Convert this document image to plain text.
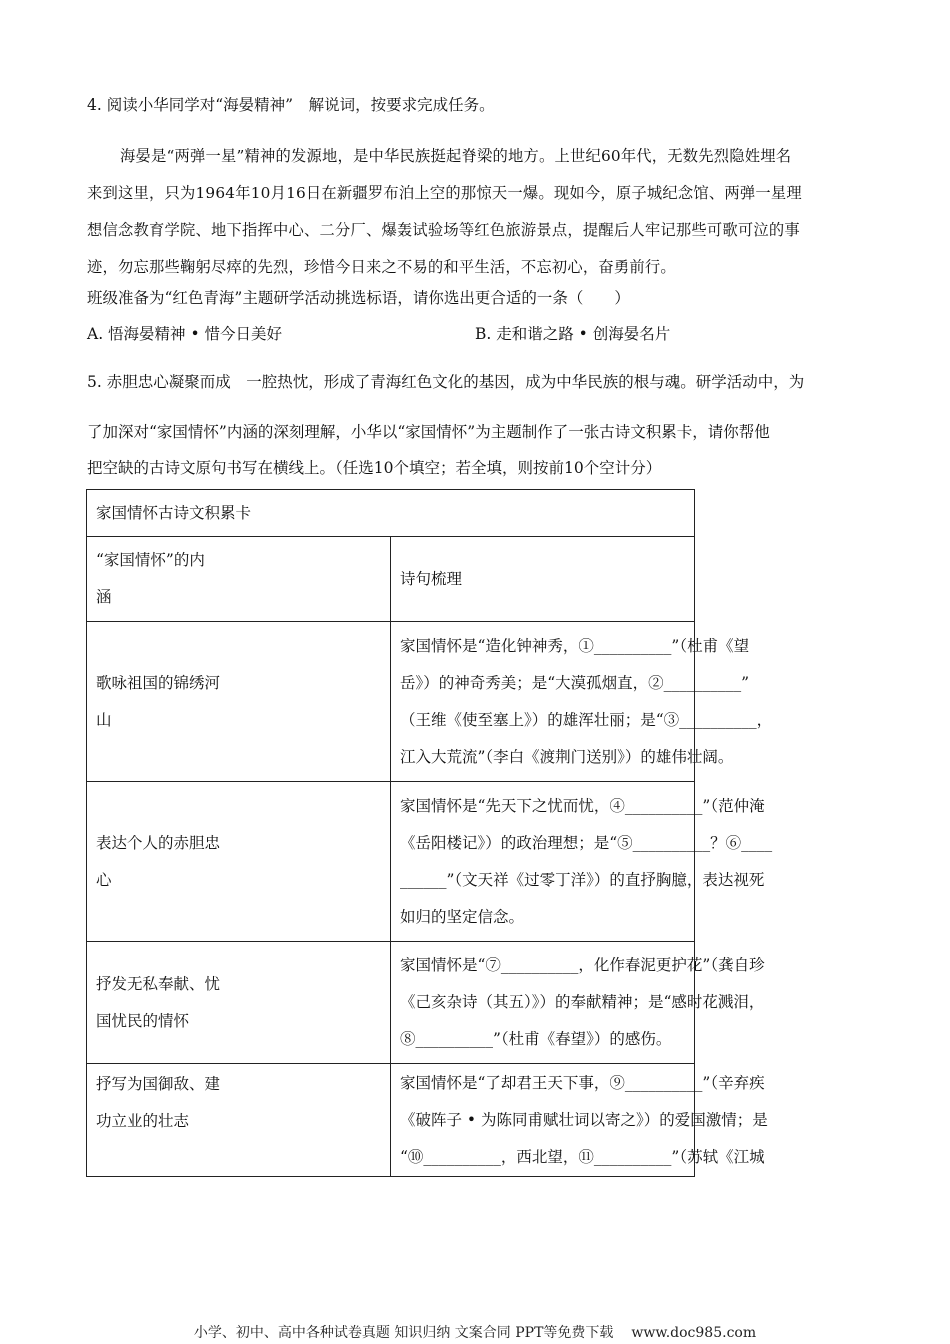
4. 阅读小华同学对“海晏精神”　解说词，按要求完成任务。

海晏是“两弹一星”精神的发源地，是中华民族挺起脊梁的地方。上世纪60年代，无数先烈隐姓埋名

来到这里，只为1964年10月16日在新疆罗布泊上空的那惊天一爆。现如今，原子城纪念馆、两弹一星理

想信念教育学院、地下指挥中心、二分厂、爆轰试验场等红色旅游景点，提醒后人牢记那些可歌可泣的事

迹，勿忘那些鞠躬尽瘁的先烈，珍惜今日来之不易的和平生活，不忘初心，奋勇前行。

班级准备为“红色青海”主题研学活动挑选标语，请你选出更合适的一条（　　）
A. 悟海晏精神 • 惜今日美好	B. 走和谐之路 • 创海晏名片
5. 赤胆忠心凝聚而成　一腔热忱，形成了青海红色文化的基因，成为中华民族的根与魂。研学活动中，为
了加深对“家国情怀”内涵的深刻理解，小华以“家国情怀”为主题制作了一张古诗文积累卡，请你帮他
把空缺的古诗文原句书写在横线上。（任选10个填空；若全填，则按前10个空计分）
家国情怀古诗文积累卡	

“家国情怀”的内
涵	诗句梳理

歌咏祖国的锦绣河
山	家国情怀是“造化钟神秀，①__________”（杜甫《望
岳》）的神奇秀美；是“大漠孤烟直，②__________”
（王维《使至塞上》）的雄浑壮丽；是“③__________，
江入大荒流”（李白《渡荆门送别》）的雄伟壮阔。

表达个人的赤胆忠
心	家国情怀是“先天下之忧而忧，④__________”（范仲淹
《岳阳楼记》）的政治理想；是“⑤__________？⑥____
______”（文天祥《过零丁洋》）的直抒胸臆，表达视死
如归的坚定信念。

抒发无私奉献、忧
国忧民的情怀	家国情怀是“⑦__________，化作春泥更护花”（龚自珍
《己亥杂诗（其五）》）的奉献精神；是“感时花溅泪，
⑧__________”（杜甫《春望》）的感伤。

抒写为国御敌、建
功立业的壮志	家国情怀是“了却君王天下事，⑨__________”（辛弃疾
《破阵子 • 为陈同甫赋壮词以寄之》）的爱国激情；是
“⑩__________，西北望，⑪__________”（苏轼《江城
小学、初中、高中各种试卷真题 知识归纳 文案合同 PPT等免费下载 www.doc985.com
